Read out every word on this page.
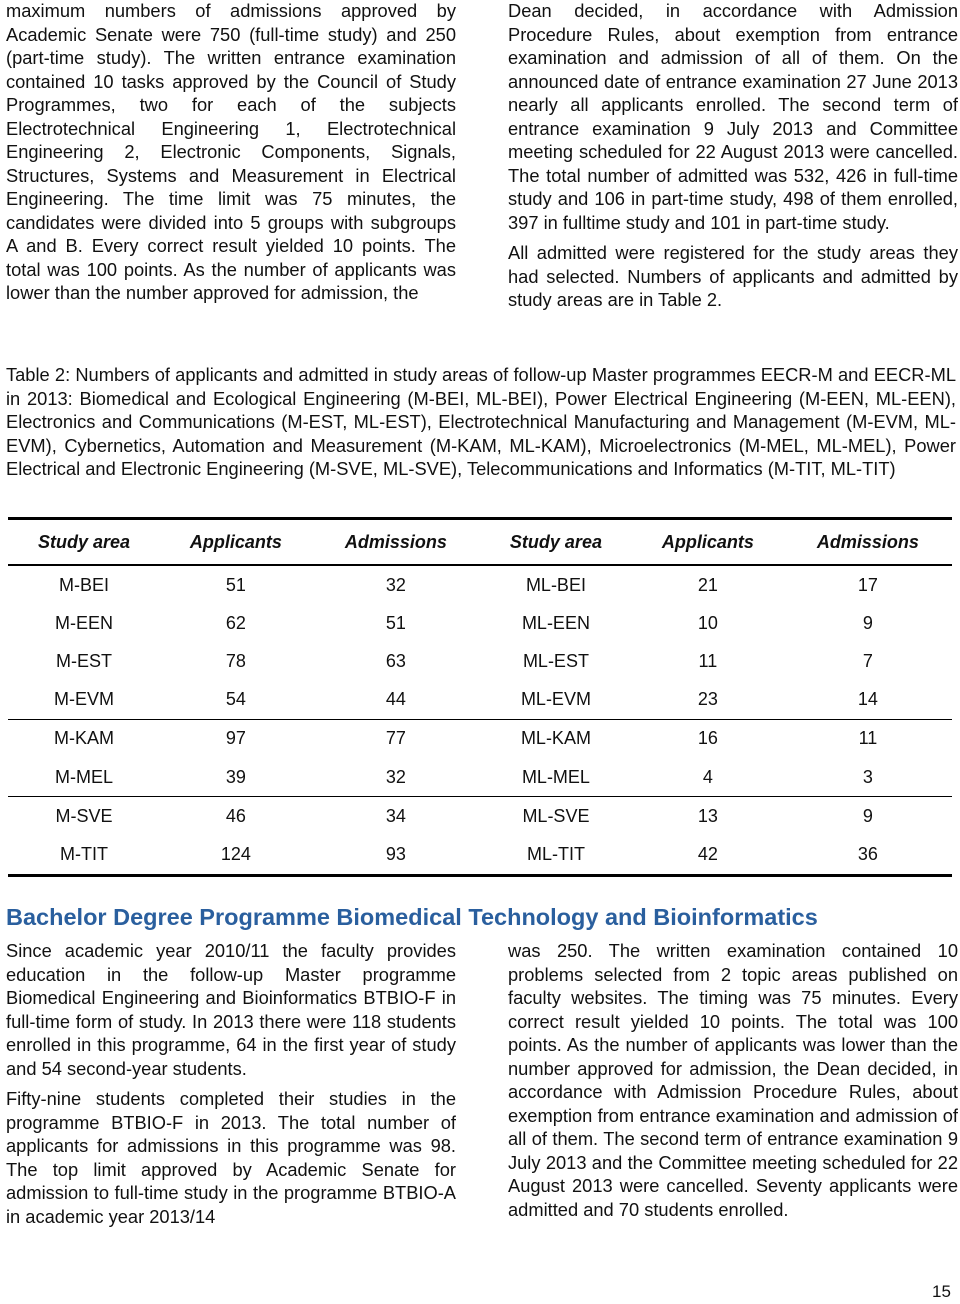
maximum numbers of admissions approved by Academic Senate were 750 (full-time study) and 250 (part-time study). The written entrance examination contained 10 tasks approved by the Council of Study Programmes, two for each of the subjects Electrotechnical Engineering 1, Electrotechnical Engineering 2, Electronic Components, Signals, Structures, Systems and Measurement in Electrical Engineering. The time limit was 75 minutes, the candidates were divided into 5 groups with subgroups A and B. Every correct result yielded 10 points. The total was 100 points. As the number of applicants was lower than the number approved for admission, the

Dean decided, in accordance with Admission Procedure Rules, about exemption from entrance examination and admission of all of them. On the announced date of entrance examination 27 June 2013 nearly all applicants enrolled. The second term of entrance examination 9 July 2013 and Committee meeting scheduled for 22 August 2013 were cancelled. The total number of admitted was 532, 426 in full-time study and 106 in part-time study, 498 of them enrolled, 397 in fulltime study and 101 in part-time study.

All admitted were registered for the study areas they had selected. Numbers of applicants and admitted by study areas are in Table 2.

Table 2: Numbers of applicants and admitted in study areas of follow-up Master programmes EECR-M and EECR-ML in 2013: Biomedical and Ecological Engineering (M-BEI, ML-BEI), Power Electrical Engineering (M-EEN, ML-EEN), Electronics and Communications (M-EST, ML-EST), Electrotechnical Manufacturing and Management (M-EVM, ML-EVM), Cybernetics, Automation and Measurement (M-KAM, ML-KAM), Microelectronics (M-MEL, ML-MEL), Power Electrical and Electronic Engineering (M-SVE, ML-SVE), Telecommunications and Informatics (M-TIT, ML-TIT)

Study area	Applicants	Admissions	Study area	Applicants	Admissions
M-BEI	51	32	ML-BEI	21	17
M-EEN	62	51	ML-EEN	10	9
M-EST	78	63	ML-EST	11	7
M-EVM	54	44	ML-EVM	23	14
M-KAM	97	77	ML-KAM	16	11
M-MEL	39	32	ML-MEL	4	3
M-SVE	46	34	ML-SVE	13	9
M-TIT	124	93	ML-TIT	42	36
Bachelor Degree Programme Biomedical Technology and Bioinformatics

Since academic year 2010/11 the faculty provides education in the follow-up Master programme Biomedical Engineering and Bioinformatics BTBIO-F in full-time form of study. In 2013 there were 118 students enrolled in this programme, 64 in the first year of study and 54 second-year students.

Fifty-nine students completed their studies in the programme BTBIO-F in 2013. The total number of applicants for admissions in this programme was 98. The top limit approved by Academic Senate for admission to full-time study in the programme BTBIO-A in academic year 2013/14

was 250. The written examination contained 10 problems selected from 2 topic areas published on faculty websites. The timing was 75 minutes. Every correct result yielded 10 points. The total was 100 points. As the number of applicants was lower than the number approved for admission, the Dean decided, in accordance with Admission Procedure Rules, about exemption from entrance examination and admission of all of them. The second term of entrance examination 9 July 2013 and the Committee meeting scheduled for 22 August 2013 were cancelled. Seventy applicants were admitted and 70 students enrolled.

15
